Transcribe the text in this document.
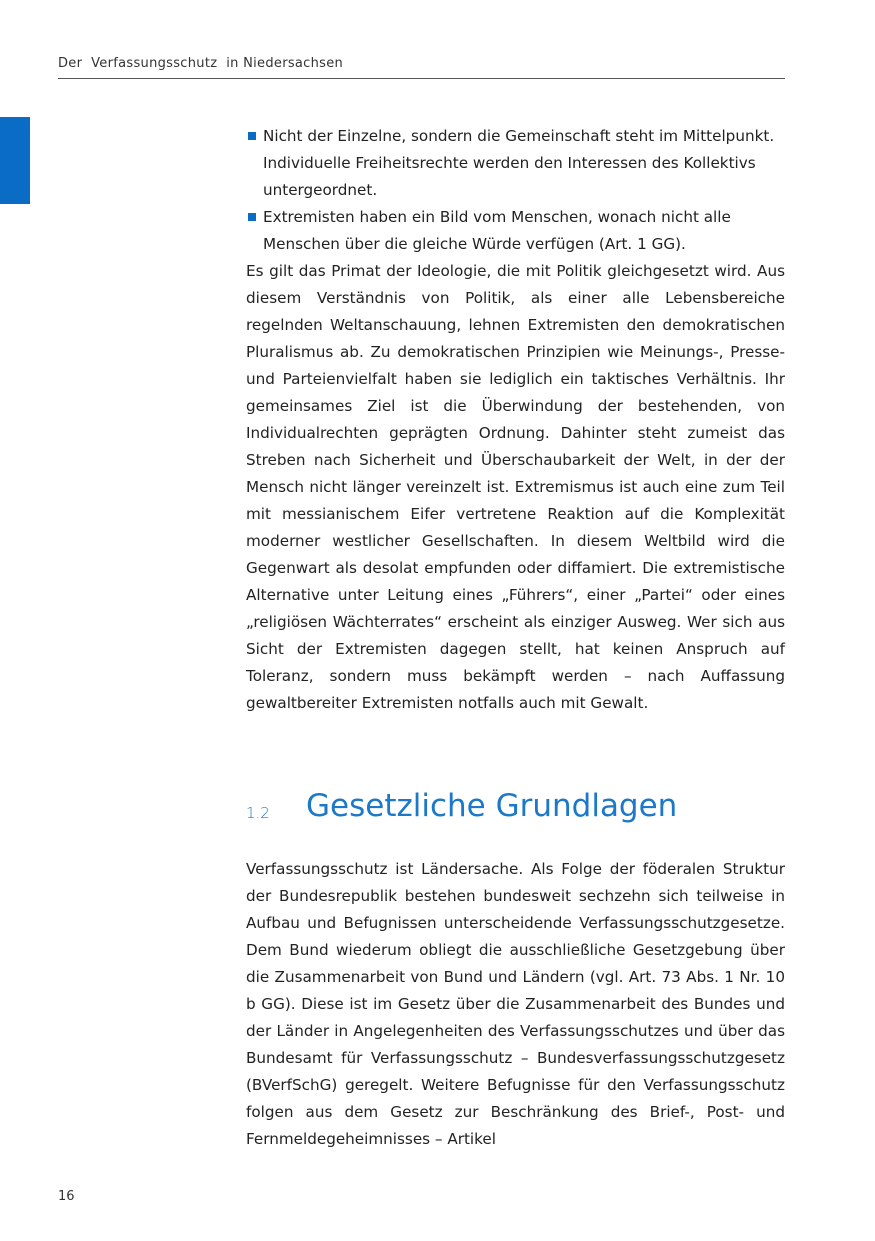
Der  Verfassungsschutz  in Niedersachsen
Nicht der Einzelne, sondern die Gemeinschaft steht im Mittelpunkt. Individuelle Freiheitsrechte werden den Interessen des Kollektivs untergeordnet.
Extremisten haben ein Bild vom Menschen, wonach nicht alle Menschen über die gleiche Würde verfügen (Art. 1 GG).

Es gilt das Primat der Ideologie, die mit Politik gleichgesetzt wird. Aus diesem Verständnis von Politik, als einer alle Lebensbereiche regelnden Weltanschauung, lehnen Extremisten den demokratischen Pluralismus ab. Zu demokratischen Prinzipien wie Meinungs-, Presse- und Parteienvielfalt haben sie lediglich ein taktisches Verhältnis. Ihr gemeinsames Ziel ist die Überwindung der bestehenden, von Individualrechten geprägten Ordnung. Dahinter steht zumeist das Streben nach Sicherheit und Überschaubarkeit der Welt, in der der Mensch nicht länger vereinzelt ist. Extremismus ist auch eine zum Teil mit messianischem Eifer vertretene Reaktion auf die Komplexität moderner westlicher Gesellschaften. In diesem Weltbild wird die Gegenwart als desolat empfunden oder diffamiert. Die extremistische Alternative unter Leitung eines „Führers“, einer „Partei“ oder eines „religiösen Wächterrates“ erscheint als einziger Ausweg. Wer sich aus Sicht der Extremisten dagegen stellt, hat keinen Anspruch auf Toleranz, sondern muss bekämpft werden – nach Auffassung gewaltbereiter Extremisten notfalls auch mit Gewalt.

1.2 Gesetzliche Grundlagen

Verfassungsschutz ist Ländersache. Als Folge der föderalen Struktur der Bundesrepublik bestehen bundesweit sechzehn sich teilweise in Aufbau und Befugnissen unterscheidende Verfassungsschutzgesetze. Dem Bund wiederum obliegt die ausschließliche Gesetzgebung über die Zusammenarbeit von Bund und Ländern (vgl. Art. 73 Abs. 1 Nr. 10 b GG). Diese ist im Gesetz über die Zusammenarbeit des Bundes und der Länder in Angelegenheiten des Verfassungsschutzes und über das Bundesamt für Verfassungsschutz – Bundesverfassungsschutzgesetz (BVerfSchG) geregelt. Weitere Befugnisse für den Verfassungsschutz folgen aus dem Gesetz zur Beschränkung des Brief-, Post- und Fernmeldegeheimnisses – Artikel

16
